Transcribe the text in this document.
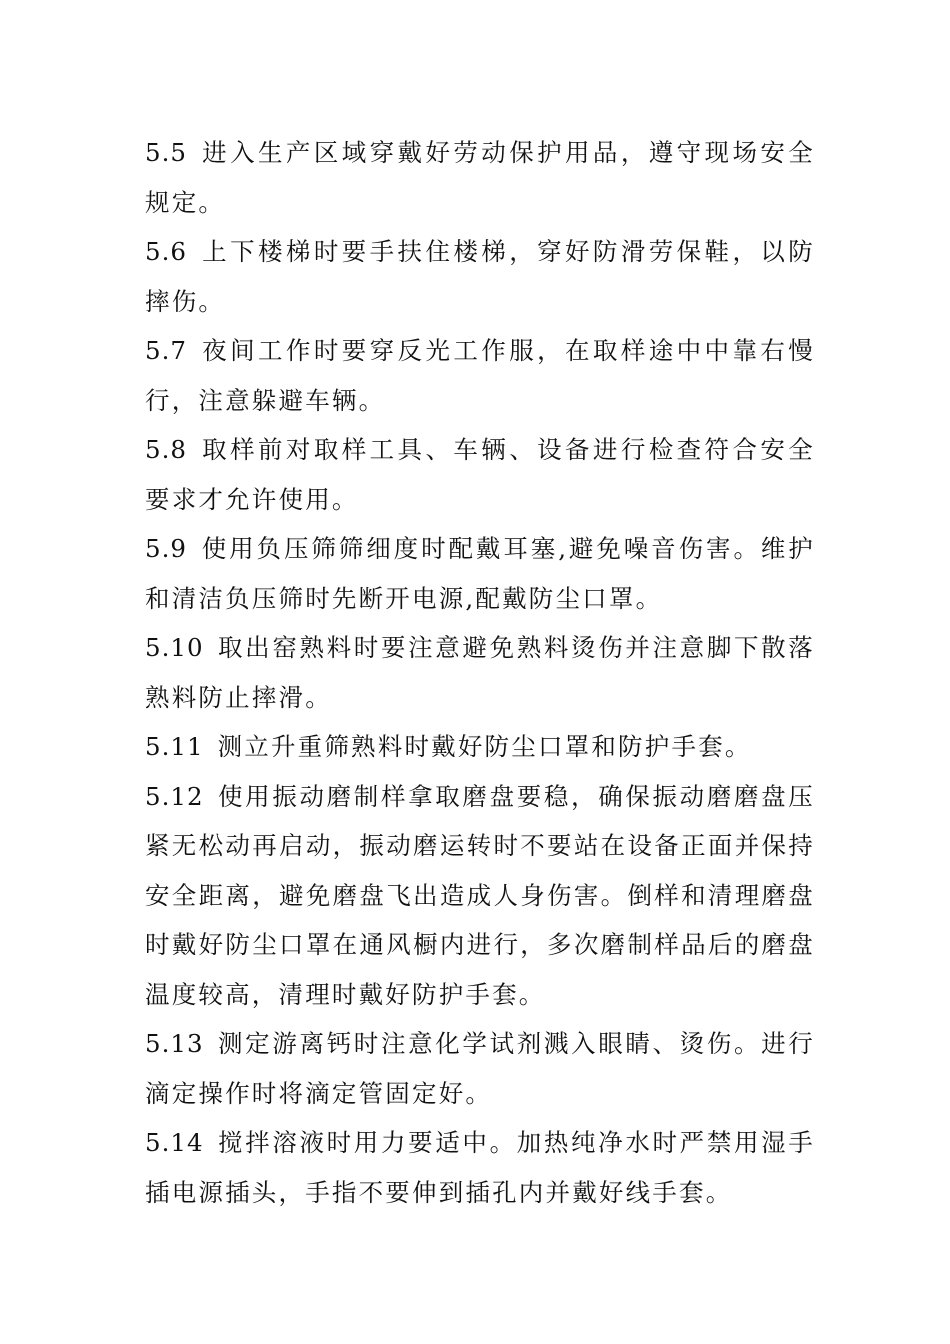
5.5 进入生产区域穿戴好劳动保护用品，遵守现场安全规定。

5.6 上下楼梯时要手扶住楼梯，穿好防滑劳保鞋，以防摔伤。

5.7 夜间工作时要穿反光工作服，在取样途中中靠右慢行，注意躲避车辆。

5.8 取样前对取样工具、车辆、设备进行检查符合安全要求才允许使用。

5.9 使用负压筛筛细度时配戴耳塞,避免噪音伤害。维护和清洁负压筛时先断开电源,配戴防尘口罩。

5.10 取出窑熟料时要注意避免熟料烫伤并注意脚下散落熟料防止摔滑。

5.11 测立升重筛熟料时戴好防尘口罩和防护手套。

5.12 使用振动磨制样拿取磨盘要稳，确保振动磨磨盘压紧无松动再启动，振动磨运转时不要站在设备正面并保持安全距离，避免磨盘飞出造成人身伤害。倒样和清理磨盘时戴好防尘口罩在通风橱内进行，多次磨制样品后的磨盘温度较高，清理时戴好防护手套。

5.13 测定游离钙时注意化学试剂溅入眼睛、烫伤。进行滴定操作时将滴定管固定好。

5.14 搅拌溶液时用力要适中。加热纯净水时严禁用湿手插电源插头，手指不要伸到插孔内并戴好线手套。
